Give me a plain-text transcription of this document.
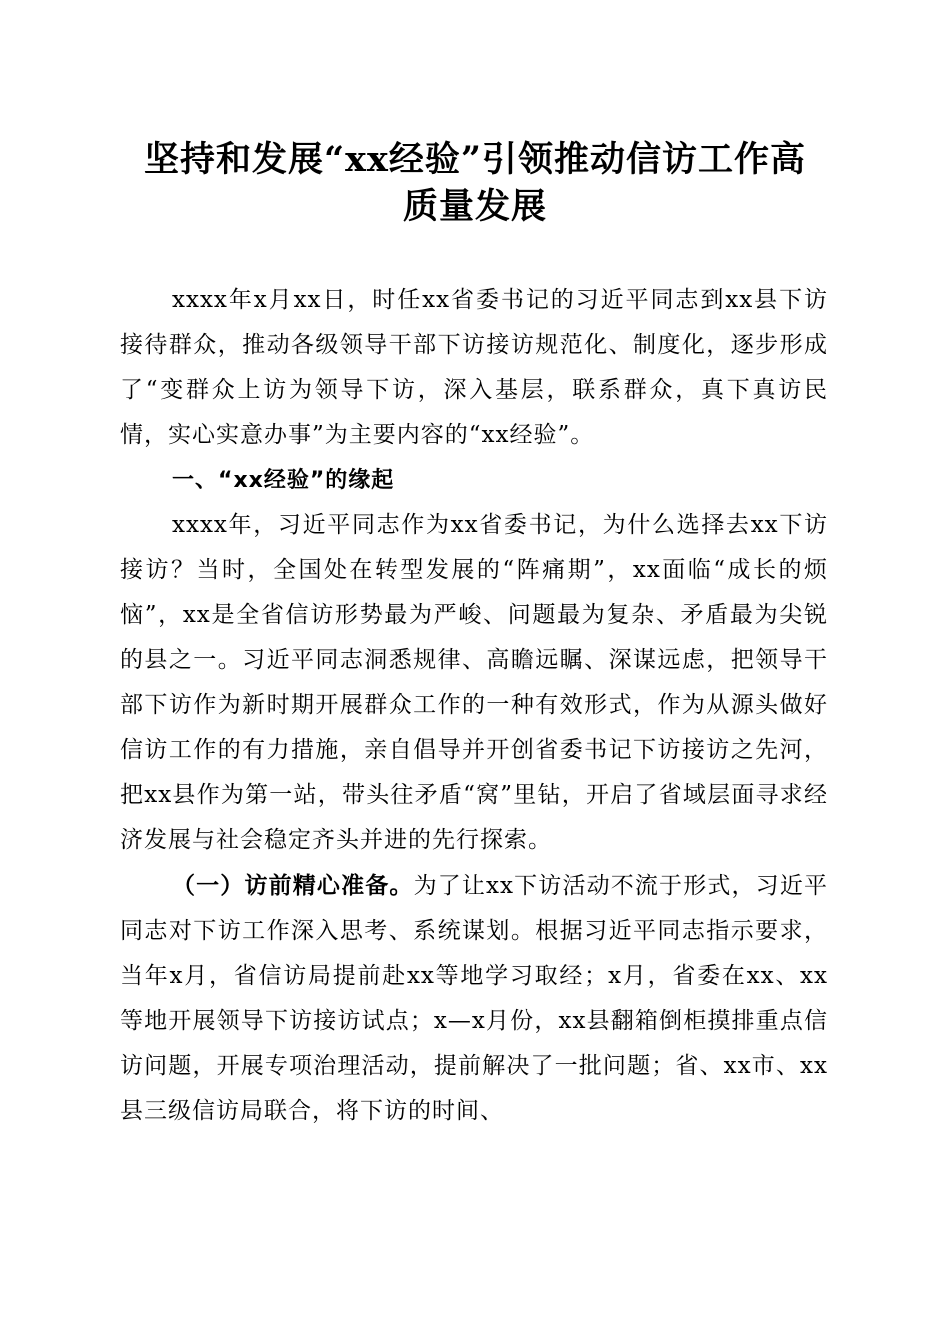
坚持和发展“xx经验”引领推动信访工作高
质量发展

xxxx年x月xx日，时任xx省委书记的习近平同志到xx县下访接待群众，推动各级领导干部下访接访规范化、制度化，逐步形成了“变群众上访为领导下访，深入基层，联系群众，真下真访民情，实心实意办事”为主要内容的“xx经验”。

一、“xx经验”的缘起

xxxx年，习近平同志作为xx省委书记，为什么选择去xx下访接访？当时，全国处在转型发展的“阵痛期”，xx面临“成长的烦恼”，xx是全省信访形势最为严峻、问题最为复杂、矛盾最为尖锐的县之一。习近平同志洞悉规律、高瞻远瞩、深谋远虑，把领导干部下访作为新时期开展群众工作的一种有效形式，作为从源头做好信访工作的有力措施，亲自倡导并开创省委书记下访接访之先河，把xx县作为第一站，带头往矛盾“窝”里钻，开启了省域层面寻求经济发展与社会稳定齐头并进的先行探索。

（一）访前精心准备。为了让xx下访活动不流于形式，习近平同志对下访工作深入思考、系统谋划。根据习近平同志指示要求，当年x月，省信访局提前赴xx等地学习取经；x月，省委在xx、xx等地开展领导下访接访试点；x—x月份，xx县翻箱倒柜摸排重点信访问题，开展专项治理活动，提前解决了一批问题；省、xx市、xx县三级信访局联合，将下访的时间、
